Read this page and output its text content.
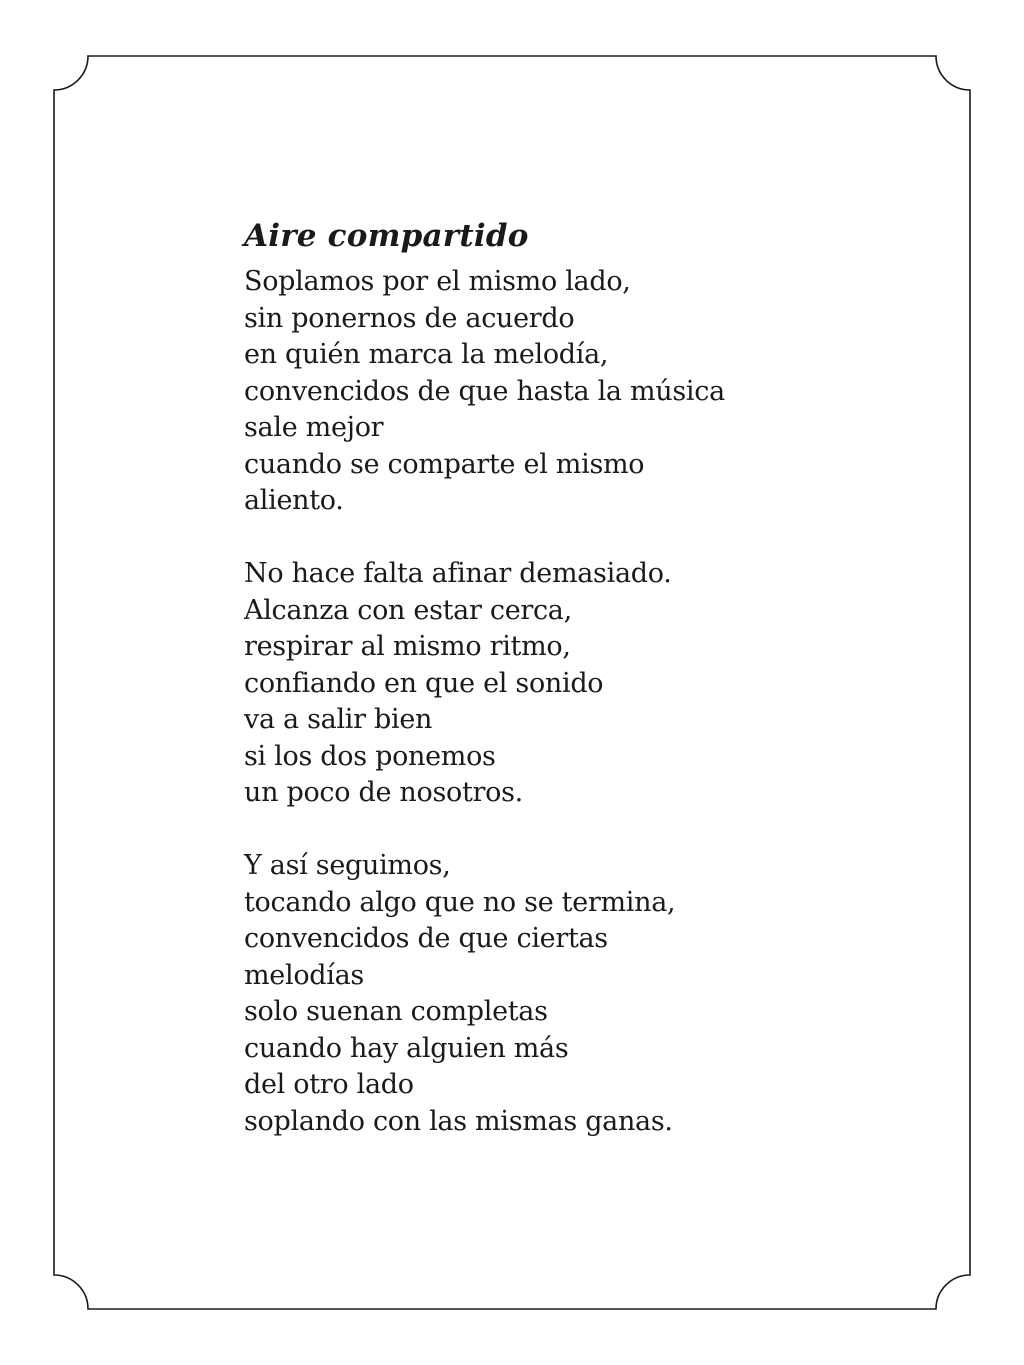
Aire compartido
Soplamos por el mismo lado,
sin ponernos de acuerdo
en quién marca la melodía,
convencidos de que hasta la música
sale mejor
cuando se comparte el mismo
aliento.
No hace falta afinar demasiado.
Alcanza con estar cerca,
respirar al mismo ritmo,
confiando en que el sonido
va a salir bien
si los dos ponemos
un poco de nosotros.
Y así seguimos,
tocando algo que no se termina,
convencidos de que ciertas
melodías
solo suenan completas
cuando hay alguien más
del otro lado
soplando con las mismas ganas.
